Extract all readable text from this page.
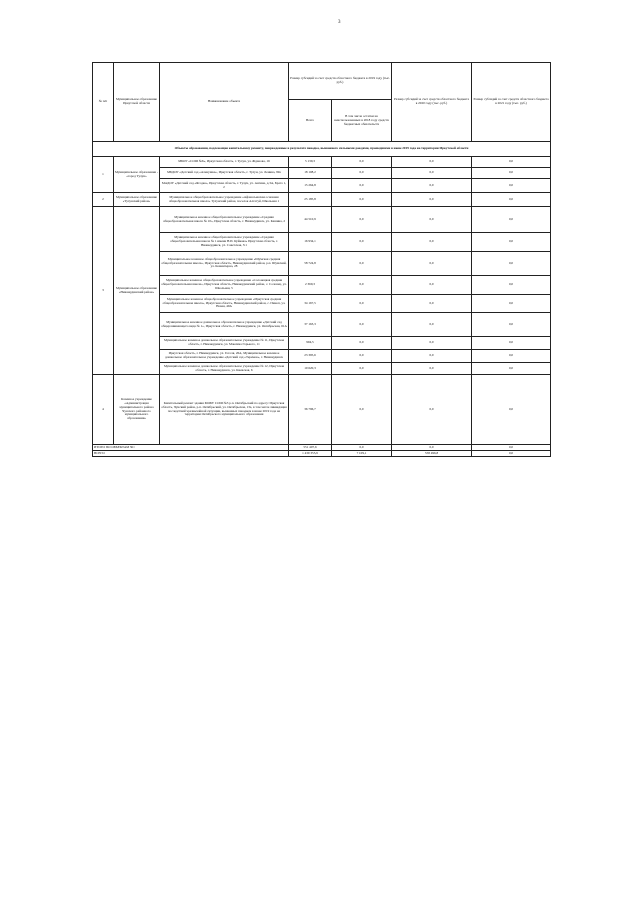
3
№ п/п	Муниципальное образование Иркутской области	Наименование объекта	Размер субсидий за счет средств областного бюджета в 2019 году (тыс. руб.)		Размер субсидий за счет средств областного бюджета в 2020 году (тыс. руб.)	Размер субсидий за счет средств областного бюджета в 2021 году (тыс. руб.)
			Всего	В том числе остатки на неиспользованных в 2018 году средств бюджетных обязательств		
Объекты образования, подлежащие капитальному ремонту, поврежденные в результате паводка, вызванного сильными дождями, прошедшими в июне 2019 года на территории Иркутской области						
1	Муниципальное образование - «город Тулун»	МБОУ «СОШ №6», Иркутская область, г. Тулун, ул. Жданова, 16	5 139,3	0,0	0,0	0,0
		МБДОУ «Детский сад «Аленушка», Иркутская область, г. Тулун, ул. Ленина, 99а	18 108,2	0,0	0,0	0,0
		МАДОУ «Детский сад «Ягодка», Иркутская область, г. Тулун, ул. Ангина, д.3А, Брато 1, 2	15 264,8	0,0	0,0	0,0
2	Муниципальное образование «Тулунский район»	Муниципальное общеобразовательное учреждение «Афанасьевская основная общеобразовательная школа» Тулунский район, поселок Алгатуй, Школьная 1	25 185,8	0,0	0,0	0,0
3	Муниципальное образование «Нижнеудинский район»	Муниципальное казенное общеобразовательное учреждение «Средняя общеобразовательная школа № 10», Иркутская область, г. Нижнеудинск, ул. Кашина, 2	44 510,9	0,0	0,0	0,0
		Муниципальное казенное общеобразовательное учреждение «Средняя общеобразовательная школа № 1 имени Н.И. Куйкова» Иркутская область, г. Нижнеудинск, ул. Советская, 3:1	16 934,1	0,0	0,0	0,0
		Муниципальное казенное общеобразовательное учреждение «Шумская средняя общеобразовательная школа», Иркутская область, Нижнеудинский район, р.п. Шумский, ул. Коминтерна, 28	58 724,8	0,0	0,0	0,0
		Муниципальное казенное общеобразовательное учреждение «Солонецкая средняя общеобразовательная школа», Иркутская область, Нижнеудинский район, с. Солонец, ул. Школьная, 5	2 369,3	0,0	0,0	0,0
		Муниципальное казенное общеобразовательное учреждение «Иркутская средняя общеобразовательная школа», Иркутская область, Нижнеудинский район, с. Пиноп, ул. Новая, 49А	34 167,5	0,0	0,0	0,0
		Муниципальное казенное дошкольное образовательное учреждение «Детский сад общеразвивающего вида № 1», Иркутская область, г. Нижнеудинск, ул. Октябрьская, 61А	37 163,3	0,0	0,0	0,0
		Муниципальное казенное дошкольное образовательное учреждение № 11, Иркутская область, г. Нижнеудинск, ул. Максима Горького, 11	994,5	0,0	0,0	0,0
		Иркутская область, г. Нижнеудинск, ул. Гоголя, 26А, Муниципальное казенное дошкольное образовательное учреждение «Детский сад «Теремок», г. Нижнеудинск	23 395,6	0,0	0,0	0,0
		Муниципальное казенное дошкольное образовательное учреждение № 12, Иркутская область, г. Нижнеудинск, ул. Киевская, 6	10 620,3	0,0	0,0	0,0
4	Казенное учреждение «Администрация муниципального района Чунского районного муниципального образования»	Капитальный ремонт здания МОБУ СОШ №3 р.п. Октябрьский по адресу: Иркутская область, Чунский район, р.п. Октябрьский, ул. Октябрьская, 13а, в том числе ликвидация последствий чрезвычайной ситуации, вызванных паводком в июне 2019 года на территории Октябрьского муниципального образования	36 796,7	0,0	0,0	0,0
ИТОГО ПО ОБЪЕКТАМ ЧС:			551 407,6	0,0	0,0	0,0
ВСЕГО			1 439 355,9	7 109,1	558 496,8	0,0
